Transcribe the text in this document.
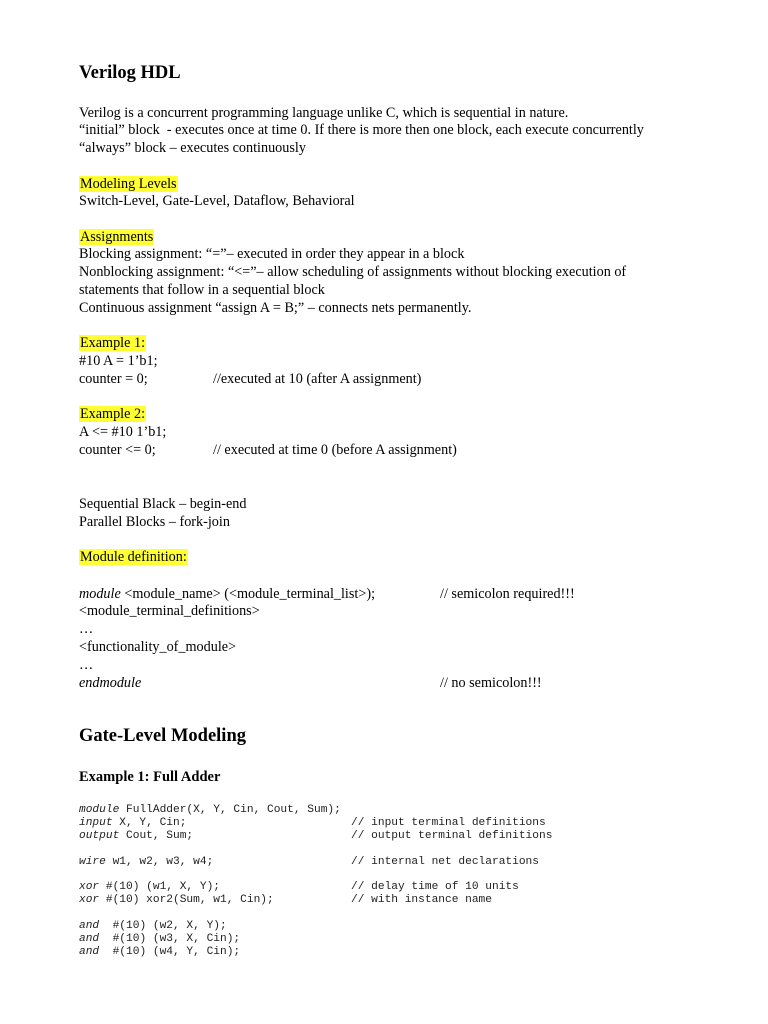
Verilog HDL
Verilog is a concurrent programming language unlike C, which is sequential in nature.
“initial” block  - executes once at time 0. If there is more then one block, each execute concurrently
“always” block – executes continuously
Modeling Levels
Switch-Level, Gate-Level, Dataflow, Behavioral
Assignments
Blocking assignment: “=”– executed in order they appear in a block
Nonblocking assignment: “<=”– allow scheduling of assignments without blocking execution of
statements that follow in a sequential block
Continuous assignment “assign A = B;” – connects nets permanently.
Example 1:
#10 A = 1’b1;
counter = 0;	//executed at 10 (after A assignment)
Example 2:
A <= #10 1’b1;
counter <= 0;	// executed at time 0 (before A assignment)
Sequential Black – begin-end
Parallel Blocks – fork-join
Module definition:
module <module_name> (<module_terminal_list>);	// semicolon required!!!
<module_terminal_definitions>
…
<functionality_of_module>
…
endmodule	// no semicolon!!!
Gate-Level Modeling
Example 1: Full Adder
module FullAdder(X, Y, Cin, Cout, Sum);
input X, Y, Cin;	// input terminal definitions
output Cout, Sum;	// output terminal definitions
wire w1, w2, w3, w4;	// internal net declarations
xor #(10) (w1, X, Y);	// delay time of 10 units
xor #(10) xor2(Sum, w1, Cin);	// with instance name
and  #(10) (w2, X, Y);
and  #(10) (w3, X, Cin);
and  #(10) (w4, Y, Cin);
